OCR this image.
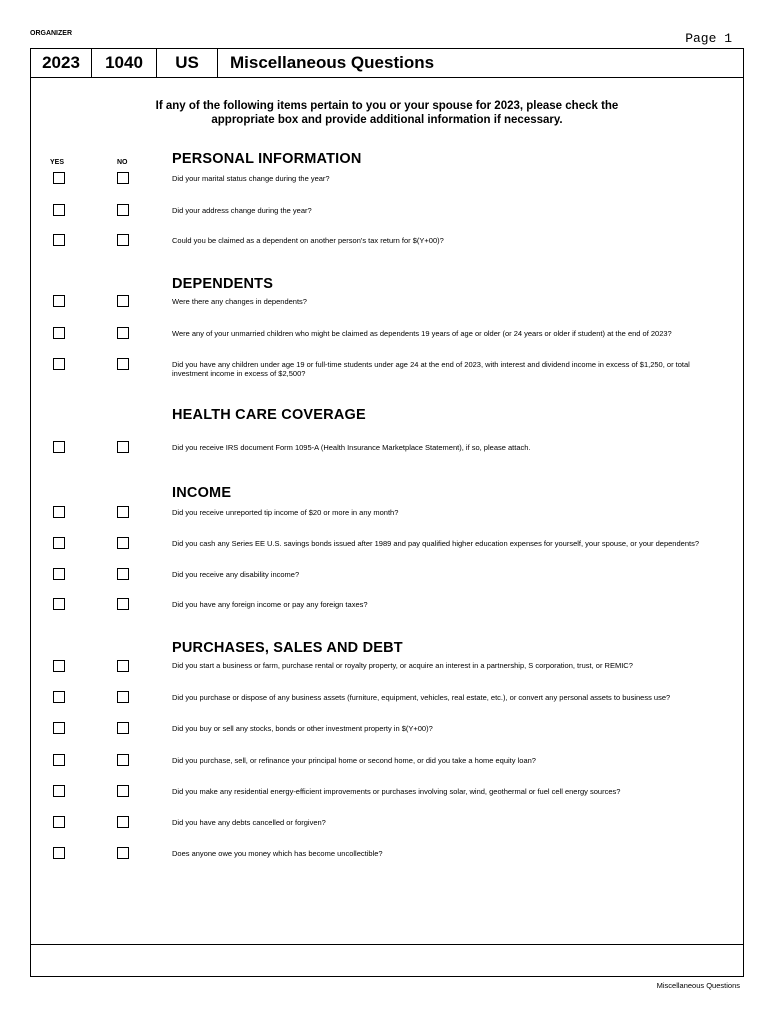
ORGANIZER	Page 1
2023	1040	US	Miscellaneous Questions
If any of the following items pertain to you or your spouse for 2023, please check the
appropriate box and provide additional information if necessary.
YES	NO	PERSONAL INFORMATION
Did your marital status change during the year?
Did your address change during the year?
Could you be claimed as a dependent on another person's tax return for $(Y+00)?
DEPENDENTS
Were there any changes in dependents?
Were any of your unmarried children who might be claimed as dependents 19 years of age or older (or 24 years or older if student) at the end of 2023?
Did you have any children under age 19 or full-time students under age 24 at the end of 2023, with interest and dividend income in excess of $1,250, or total investment income in excess of $2,500?
HEALTH CARE COVERAGE
Did you receive IRS document Form 1095-A (Health Insurance Marketplace Statement), if so, please attach.
INCOME
Did you receive unreported tip income of $20 or more in any month?
Did you cash any Series EE U.S. savings bonds issued after 1989 and pay qualified higher education expenses for yourself, your spouse, or your dependents?
Did you receive any disability income?
Did you have any foreign income or pay any foreign taxes?
PURCHASES, SALES AND DEBT
Did you start a business or farm, purchase rental or royalty property, or acquire an interest in a partnership, S corporation, trust, or REMIC?
Did you purchase or dispose of any business assets (furniture, equipment, vehicles, real estate, etc.), or convert any personal assets to business use?
Did you buy or sell any stocks, bonds or other investment property in $(Y+00)?
Did you purchase, sell, or refinance your principal home or second home, or did you take a home equity loan?
Did you make any residential energy-efficient improvements or purchases involving solar, wind, geothermal or fuel cell energy sources?
Did you have any debts cancelled or forgiven?
Does anyone owe you money which has become uncollectible?
Miscellaneous Questions
